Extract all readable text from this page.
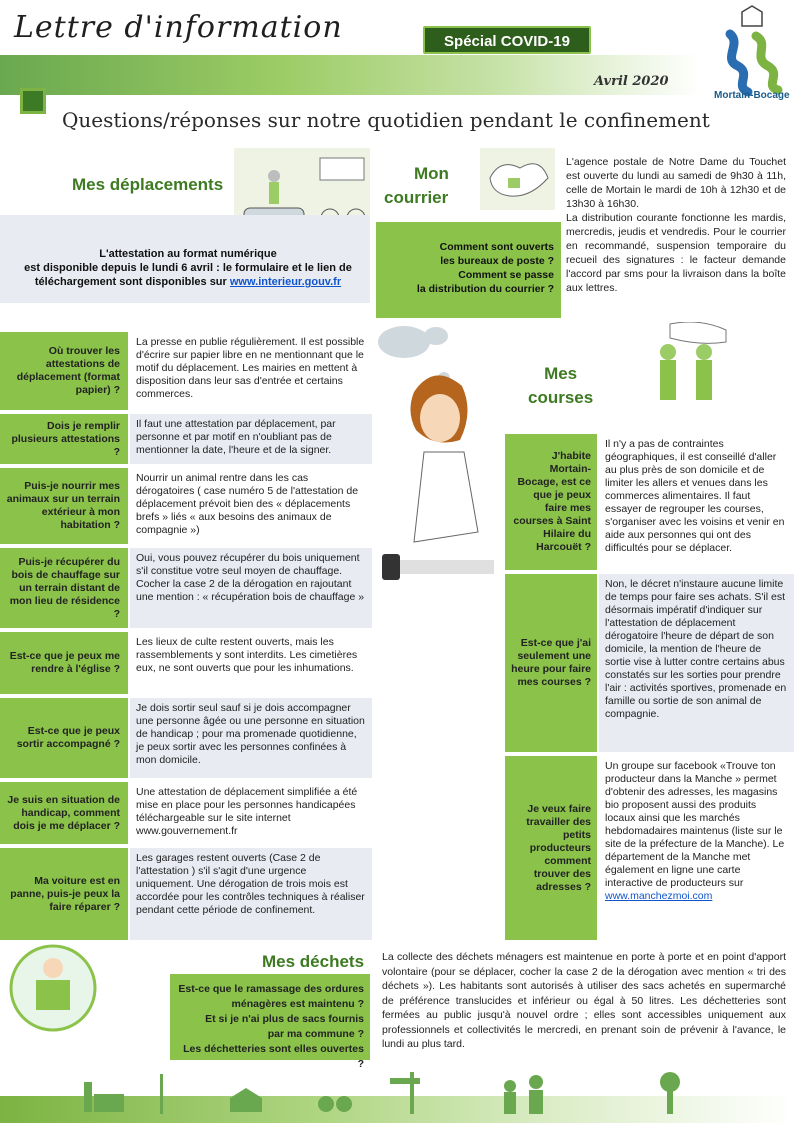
Lettre d'information	Spécial COVID-19
Avril 2020
Mortain-Bocage
Questions/réponses sur notre quotidien pendant le confinement
Mes déplacements
L'attestation au format numérique
est disponible depuis le lundi 6 avril : le formulaire et le lien de
téléchargement sont disponibles sur www.interieur.gouv.fr
Mon
courrier
Comment sont ouverts
les bureaux de poste ?
Comment se passe
la distribution du courrier ?
L'agence postale de Notre Dame du Touchet est ouverte du lundi au samedi de 9h30 à 11h, celle de Mortain le mardi de 10h à 12h30 et de 13h30 à 16h30.
La distribution courante fonctionne les mardis, mercredis, jeudis et vendredis. Pour le courrier en recommandé, suspension temporaire du recueil des signatures : le facteur demande l'accord par sms pour la livraison dans la boîte aux lettres.
Où trouver les attestations de déplacement (format papier) ?
La presse en publie régulièrement. Il est possible d'écrire sur papier libre en ne mentionnant que le motif du déplacement. Les mairies en mettent à disposition dans leur sas d'entrée et certains commerces.
Dois je remplir plusieurs attestations ?
Il faut une attestation par déplacement, par personne et par motif en n'oubliant pas de mentionner la date, l'heure et de la signer.
Puis-je nourrir mes animaux sur un terrain extérieur à mon habitation ?
Nourrir un animal rentre dans les cas dérogatoires ( case numéro 5 de l'attestation de déplacement prévoit bien des « déplacements brefs » liés « aux besoins des animaux de compagnie »)
Puis-je récupérer du bois de chauffage sur un terrain distant de mon lieu de résidence ?
Oui, vous pouvez récupérer du bois uniquement s'il constitue votre seul moyen de chauffage. Cocher la case 2 de la dérogation en rajoutant une mention : « récupération bois de chauffage »
Est-ce que je peux me rendre à l'église ?
Les lieux de culte restent ouverts, mais les rassemblements y sont interdits. Les cimetières eux, ne sont ouverts que pour les inhumations.
Est-ce que je peux sortir accompagné ?
Je dois sortir seul sauf si je dois accompagner une personne âgée ou une personne en situation de handicap ; pour ma promenade quotidienne, je peux sortir avec les personnes confinées à mon domicile.
Je suis en situation de handicap, comment dois je me déplacer ?
Une attestation de déplacement simplifiée a été mise en place pour les personnes handicapées téléchargeable sur le site internet www.gouvernement.fr
Ma voiture est en panne, puis-je peux la faire réparer ?
Les garages restent ouverts (Case 2 de l'attestation ) s'il s'agit d'une urgence uniquement. Une dérogation de trois mois est accordée pour les contrôles techniques à réaliser pendant cette période de confinement.
Mes
courses
J'habite Mortain-Bocage, est ce que je peux faire mes courses à Saint Hilaire du Harcouët ?
Il n'y a pas de contraintes géographiques, il est conseillé d'aller au plus près de son domicile et de limiter les allers et venues dans les commerces alimentaires. Il faut essayer de regrouper les courses, s'organiser avec les voisins et venir en aide aux personnes qui ont des difficultés pour se déplacer.
Est-ce que j'ai seulement une heure pour faire mes courses ?
Non, le décret n'instaure aucune limite de temps pour faire ses achats. S'il est désormais impératif d'indiquer sur l'attestation de déplacement dérogatoire l'heure de départ de son domicile, la mention de l'heure de sortie vise à lutter contre certains abus constatés sur les sorties pour prendre l'air : activités sportives, promenade en famille ou sortie de son animal de compagnie.
Je veux faire travailler des petits producteurs comment trouver des adresses ?
Un groupe sur facebook «Trouve ton producteur dans la Manche » permet d'obtenir des adresses, les magasins bio proposent aussi des produits locaux ainsi que les marchés hebdomadaires maintenus (liste sur le site de la préfecture de la Manche). Le département de la Manche met également en ligne une carte interactive de producteurs sur www.manchezmoi.com
Mes déchets
Est-ce que le ramassage des ordures
ménagères est maintenu ?
Et si je n'ai plus de sacs fournis
par ma commune ?
Les déchetteries sont elles ouvertes ?
La collecte des déchets ménagers est maintenue en porte à porte et en point d'apport volontaire (pour se déplacer, cocher la case 2 de la dérogation avec mention « tri des déchets »). Les habitants sont autorisés à utiliser des sacs achetés en supermarché de préférence translucides et inférieur ou égal à 50 litres. Les déchetteries sont fermées au public jusqu'à nouvel ordre ; elles sont accessibles uniquement aux professionnels et collectivités le mercredi, en prenant soin de prévenir à l'avance, le lundi au plus tard.
